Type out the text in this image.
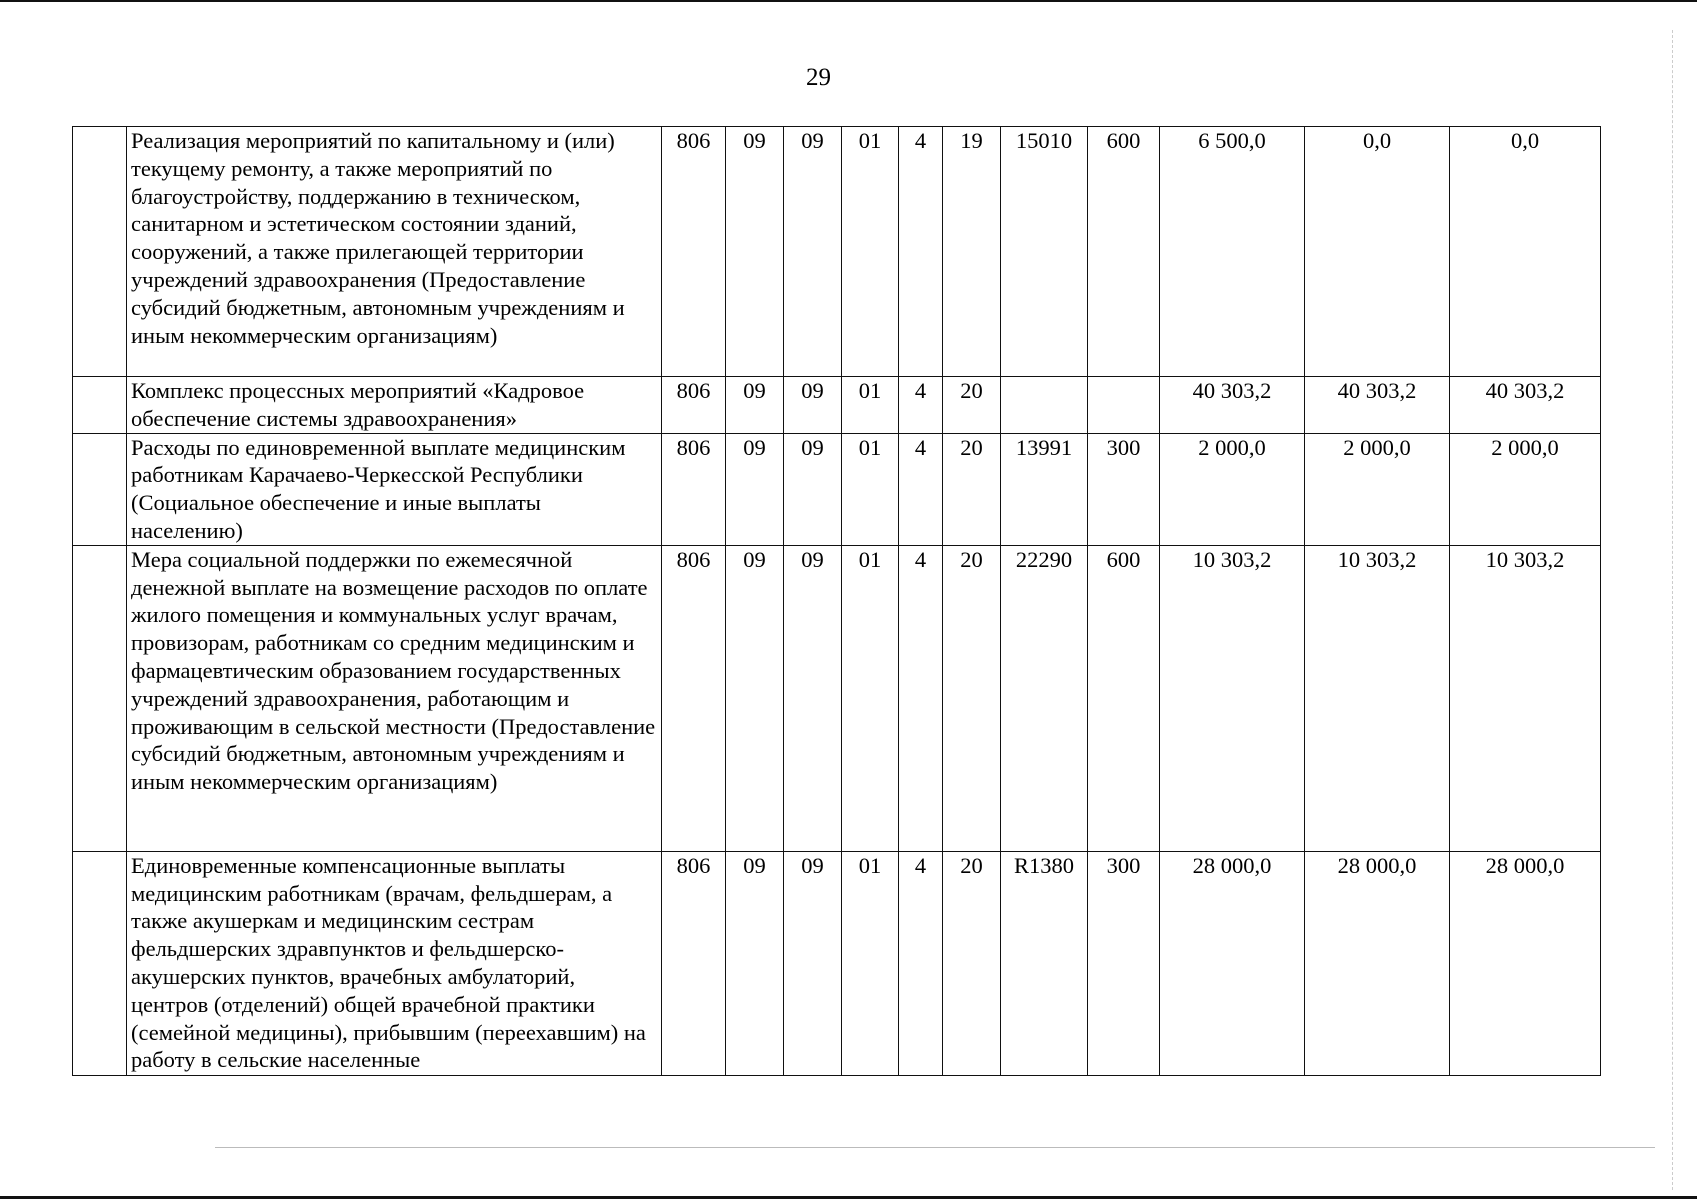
29
	Реализация мероприятий по капитальному и (или) текущему ремонту, а также мероприятий по благоустройству, поддержанию в техническом, санитарном и эстетическом состоянии зданий, сооружений, а также прилегающей территории учреждений здравоохранения (Предоставление субсидий бюджетным, автономным учреждениям и иным некоммерческим организациям)	806	09	09	01	4	19	15010	600	6 500,0	0,0	0,0
	Комплекс процессных мероприятий «Кадровое обеспечение системы здравоохранения»	806	09	09	01	4	20			40 303,2	40 303,2	40 303,2
	Расходы по единовременной выплате медицинским работникам Карачаево-Черкесской Республики (Социальное обеспечение и иные выплаты населению)	806	09	09	01	4	20	13991	300	2 000,0	2 000,0	2 000,0
	Мера социальной поддержки по ежемесячной денежной выплате на возмещение расходов по оплате жилого помещения и коммунальных услуг врачам, провизорам, работникам со средним медицинским и фармацевтическим образованием государственных учреждений здравоохранения, работающим и проживающим в сельской местности (Предоставление субсидий бюджетным, автономным учреждениям и иным некоммерческим организациям)	806	09	09	01	4	20	22290	600	10 303,2	10 303,2	10 303,2
	Единовременные компенсационные выплаты медицинским работникам (врачам, фельдшерам, а также акушеркам и медицинским сестрам фельдшерских здравпунктов и фельдшерско-акушерских пунктов, врачебных амбулаторий, центров (отделений) общей врачебной практики (семейной медицины), прибывшим (переехавшим) на работу в сельские населенные	806	09	09	01	4	20	R1380	300	28 000,0	28 000,0	28 000,0
